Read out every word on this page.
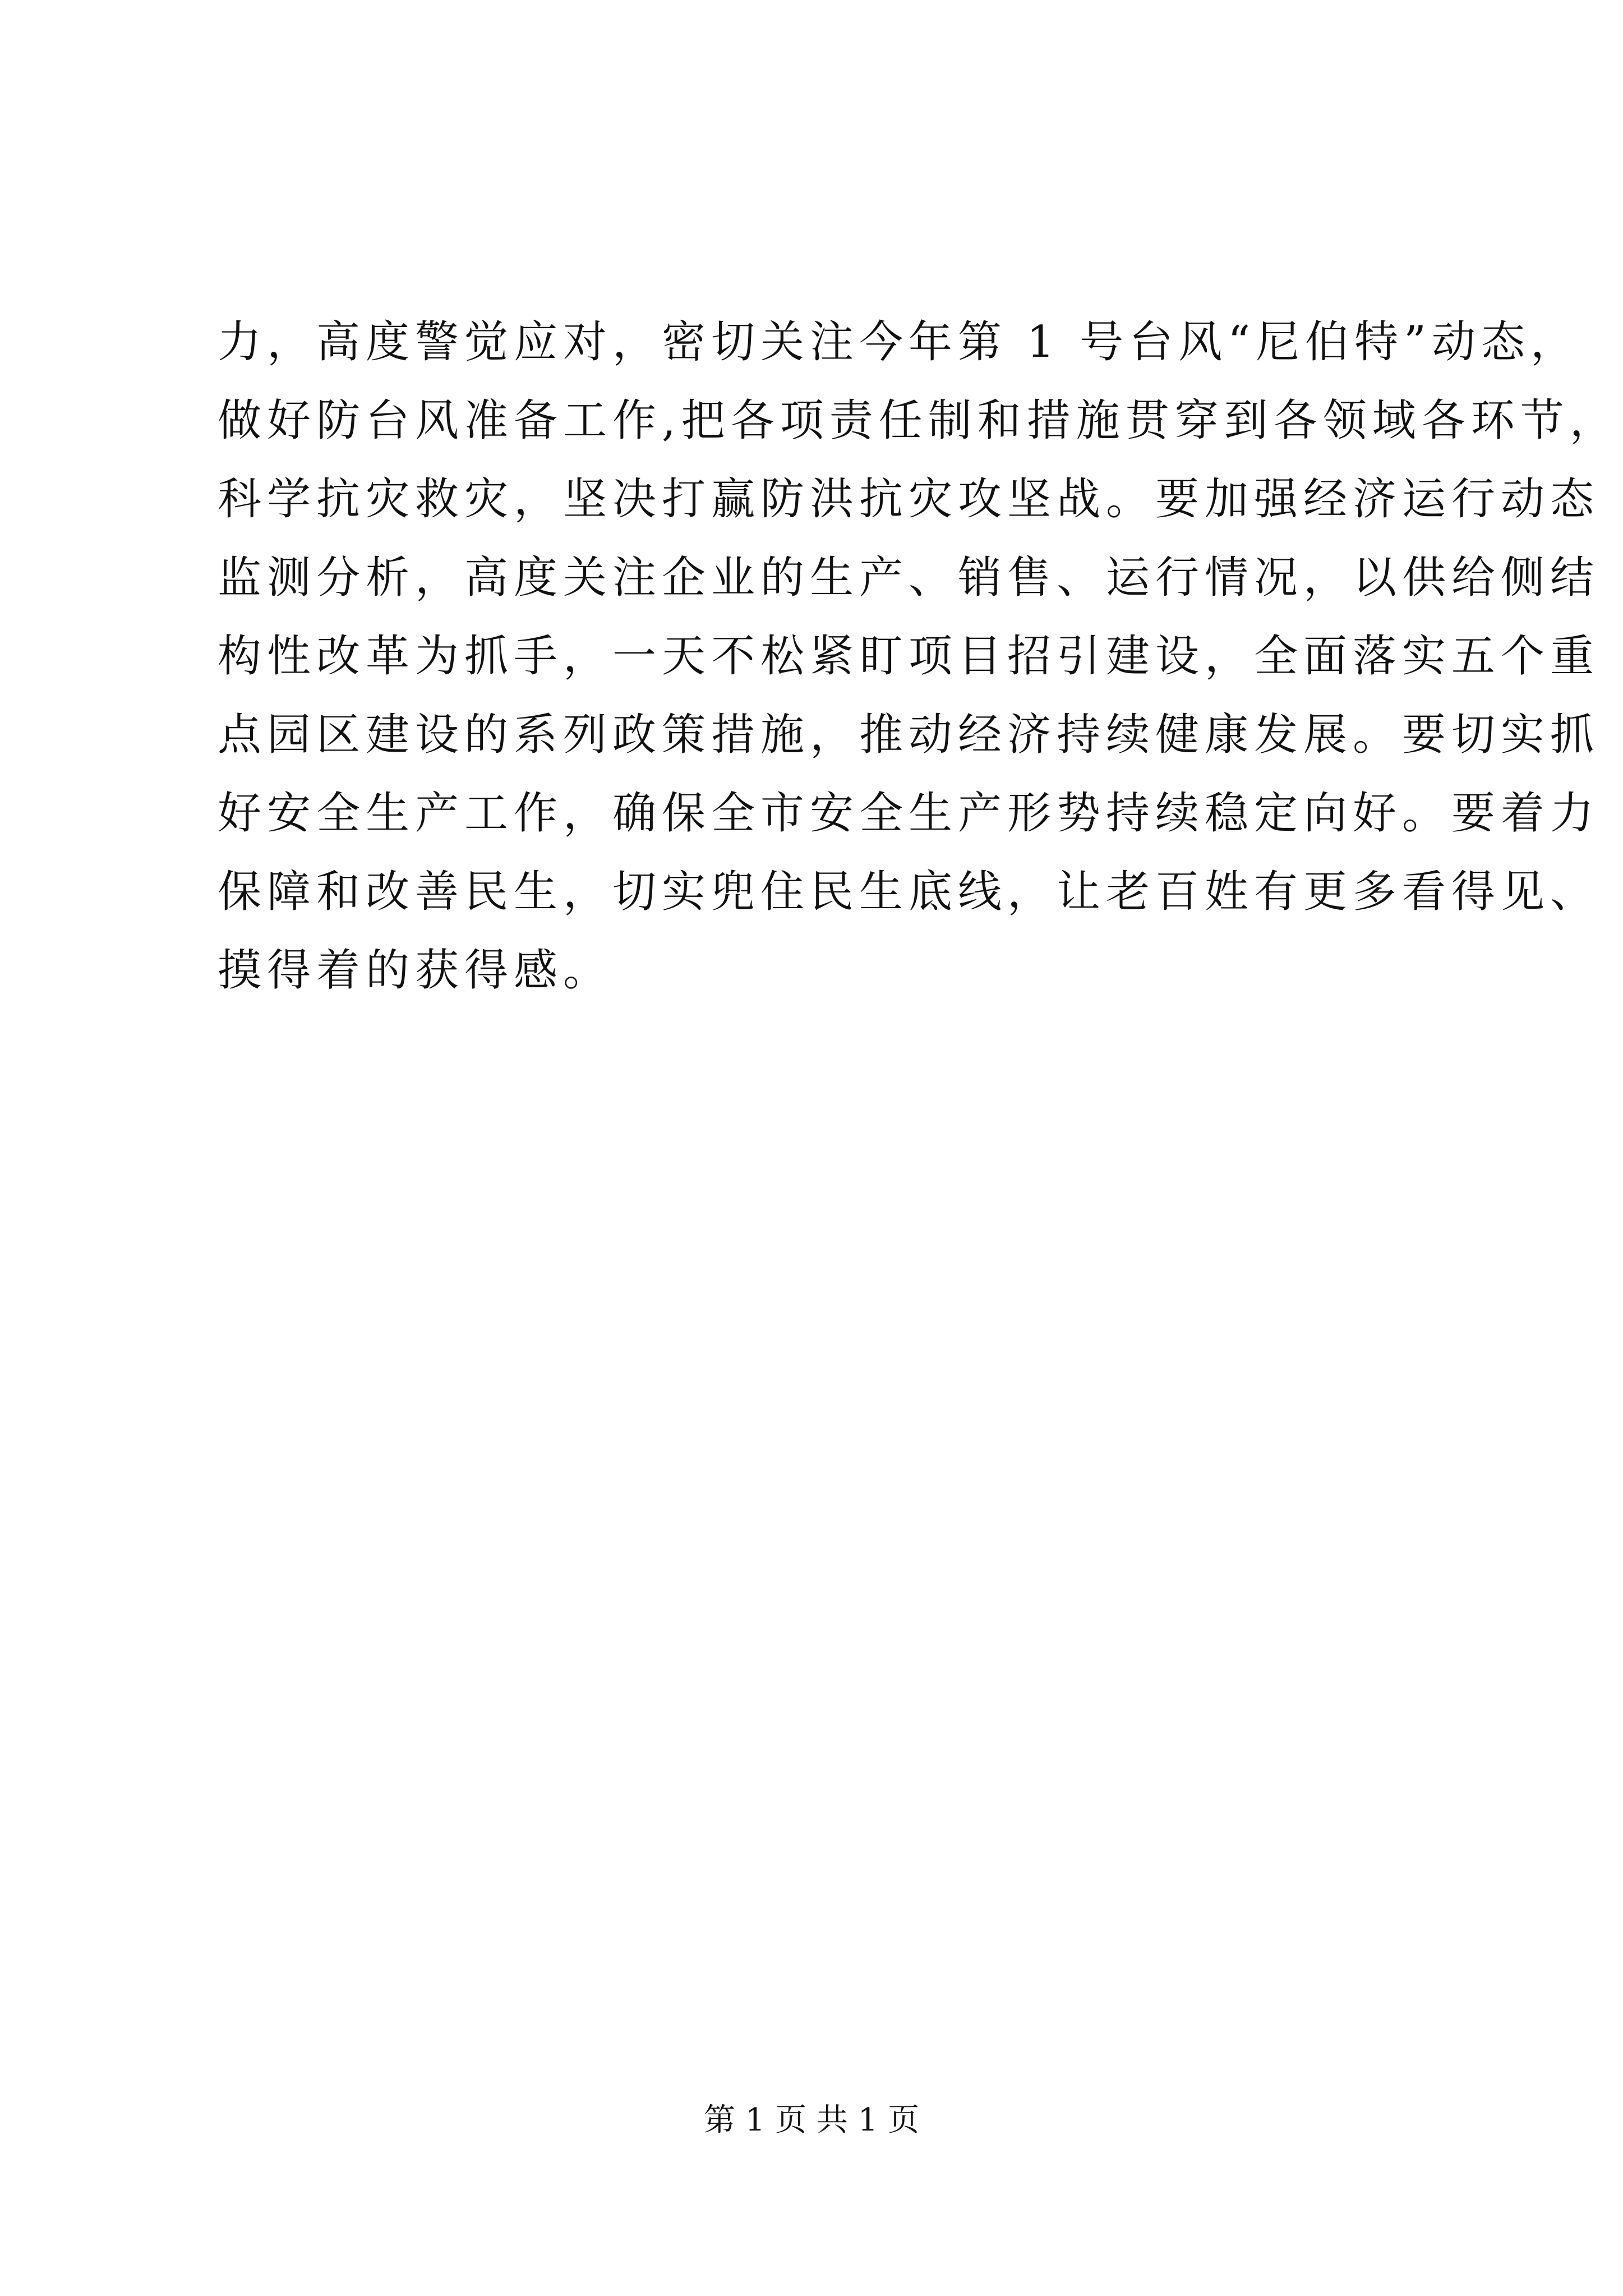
力，高度警觉应对，密切关注今年第 1 号台风“尼伯特”动态，
做好防台风准备工作,把各项责任制和措施贯穿到各领域各环节，
科学抗灾救灾，坚决打赢防洪抗灾攻坚战。要加强经济运行动态
监测分析，高度关注企业的生产、销售、运行情况，以供给侧结
构性改革为抓手，一天不松紧盯项目招引建设，全面落实五个重
点园区建设的系列政策措施，推动经济持续健康发展。要切实抓
好安全生产工作，确保全市安全生产形势持续稳定向好。要着力
保障和改善民生，切实兜住民生底线，让老百姓有更多看得见、
摸得着的获得感。
第 1 页 共 1 页
